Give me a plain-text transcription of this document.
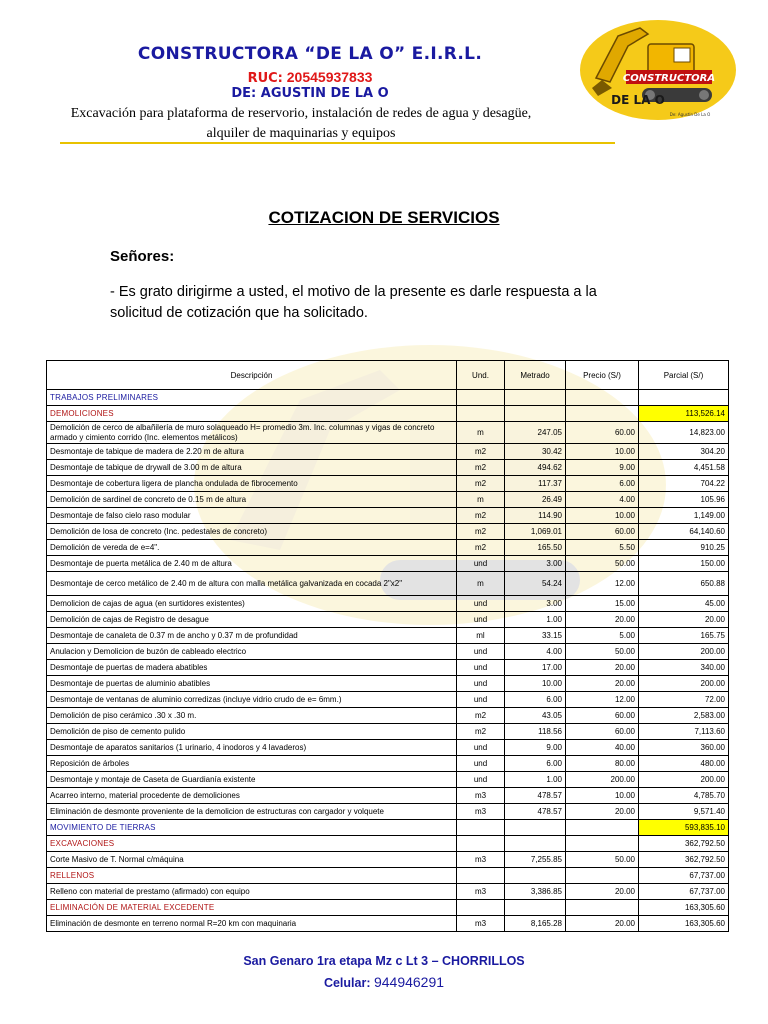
CONSTRUCTORA “DE LA O” E.I.R.L.
RUC: 20545937833
DE: AGUSTIN DE LA O
Excavación para plataforma de reservorio, instalación de redes de agua y desagüe, alquiler de maquinarias y equipos
CONSTRUCTORA
DE LA O
De: Agustin De La O
COTIZACION DE SERVICIOS
Señores:
- Es grato dirigirme a usted, el motivo de la presente es darle respuesta a la solicitud de cotización que ha solicitado.
Descripción	Und.	Metrado	Precio (S/)	Parcial (S/)
TRABAJOS PRELIMINARES				
DEMOLICIONES				113,526.14
Demolición de cerco de albañilería de muro solaqueado H= promedio 3m. Inc. columnas y vigas de concreto armado y cimiento corrido (Inc. elementos metálicos)	m	247.05	60.00	14,823.00
Desmontaje de tabique de madera de 2.20 m de altura	m2	30.42	10.00	304.20
Desmontaje de tabique de drywall de 3.00 m de altura	m2	494.62	9.00	4,451.58
Desmontaje de cobertura ligera de plancha ondulada de fibrocemento	m2	117.37	6.00	704.22
Demolición de sardinel de concreto de 0.15 m de altura	m	26.49	4.00	105.96
Desmontaje de falso cielo raso modular	m2	114.90	10.00	1,149.00
Demolición de losa de concreto (Inc. pedestales de concreto)	m2	1,069.01	60.00	64,140.60
Demolición de vereda de e=4".	m2	165.50	5.50	910.25
Desmontaje de puerta metálica de 2.40 m de altura	und	3.00	50.00	150.00
Desmontaje de cerco metálico de 2.40 m de altura con malla metálica galvanizada en cocada 2"x2"	m	54.24	12.00	650.88
Demolicion de cajas de agua (en surtidores existentes)	und	3.00	15.00	45.00
Demolición de cajas de Registro de desague	und	1.00	20.00	20.00
Desmontaje de canaleta de 0.37 m de ancho y 0.37 m de profundidad	ml	33.15	5.00	165.75
Anulacion y Demolicion de buzón de cableado electrico	und	4.00	50.00	200.00
Desmontaje de puertas de madera abatibles	und	17.00	20.00	340.00
Desmontaje de puertas de aluminio abatibles	und	10.00	20.00	200.00
Desmontaje de ventanas de aluminio corredizas (incluye vidrio crudo de e= 6mm.)	und	6.00	12.00	72.00
Demolición de piso cerámico .30 x .30 m.	m2	43.05	60.00	2,583.00
Demolición de piso de cemento pulido	m2	118.56	60.00	7,113.60
Desmontaje de aparatos sanitarios (1 urinario, 4 inodoros y 4 lavaderos)	und	9.00	40.00	360.00
Reposición de árboles	und	6.00	80.00	480.00
Desmontaje y montaje de Caseta de Guardianía existente	und	1.00	200.00	200.00
Acarreo interno, material procedente de demoliciones	m3	478.57	10.00	4,785.70
Eliminación de desmonte proveniente de la demolicion de estructuras con cargador y volquete	m3	478.57	20.00	9,571.40
MOVIMIENTO DE TIERRAS				593,835.10
EXCAVACIONES				362,792.50
Corte Masivo de T. Normal c/máquina	m3	7,255.85	50.00	362,792.50
RELLENOS				67,737.00
Relleno con material de prestamo (afirmado) con equipo	m3	3,386.85	20.00	67,737.00
ELIMINACIÓN DE MATERIAL EXCEDENTE				163,305.60
Eliminación de desmonte en terreno normal R=20 km con maquinaria	m3	8,165.28	20.00	163,305.60
San Genaro 1ra etapa Mz c Lt 3 – CHORRILLOS
Celular: 944946291
